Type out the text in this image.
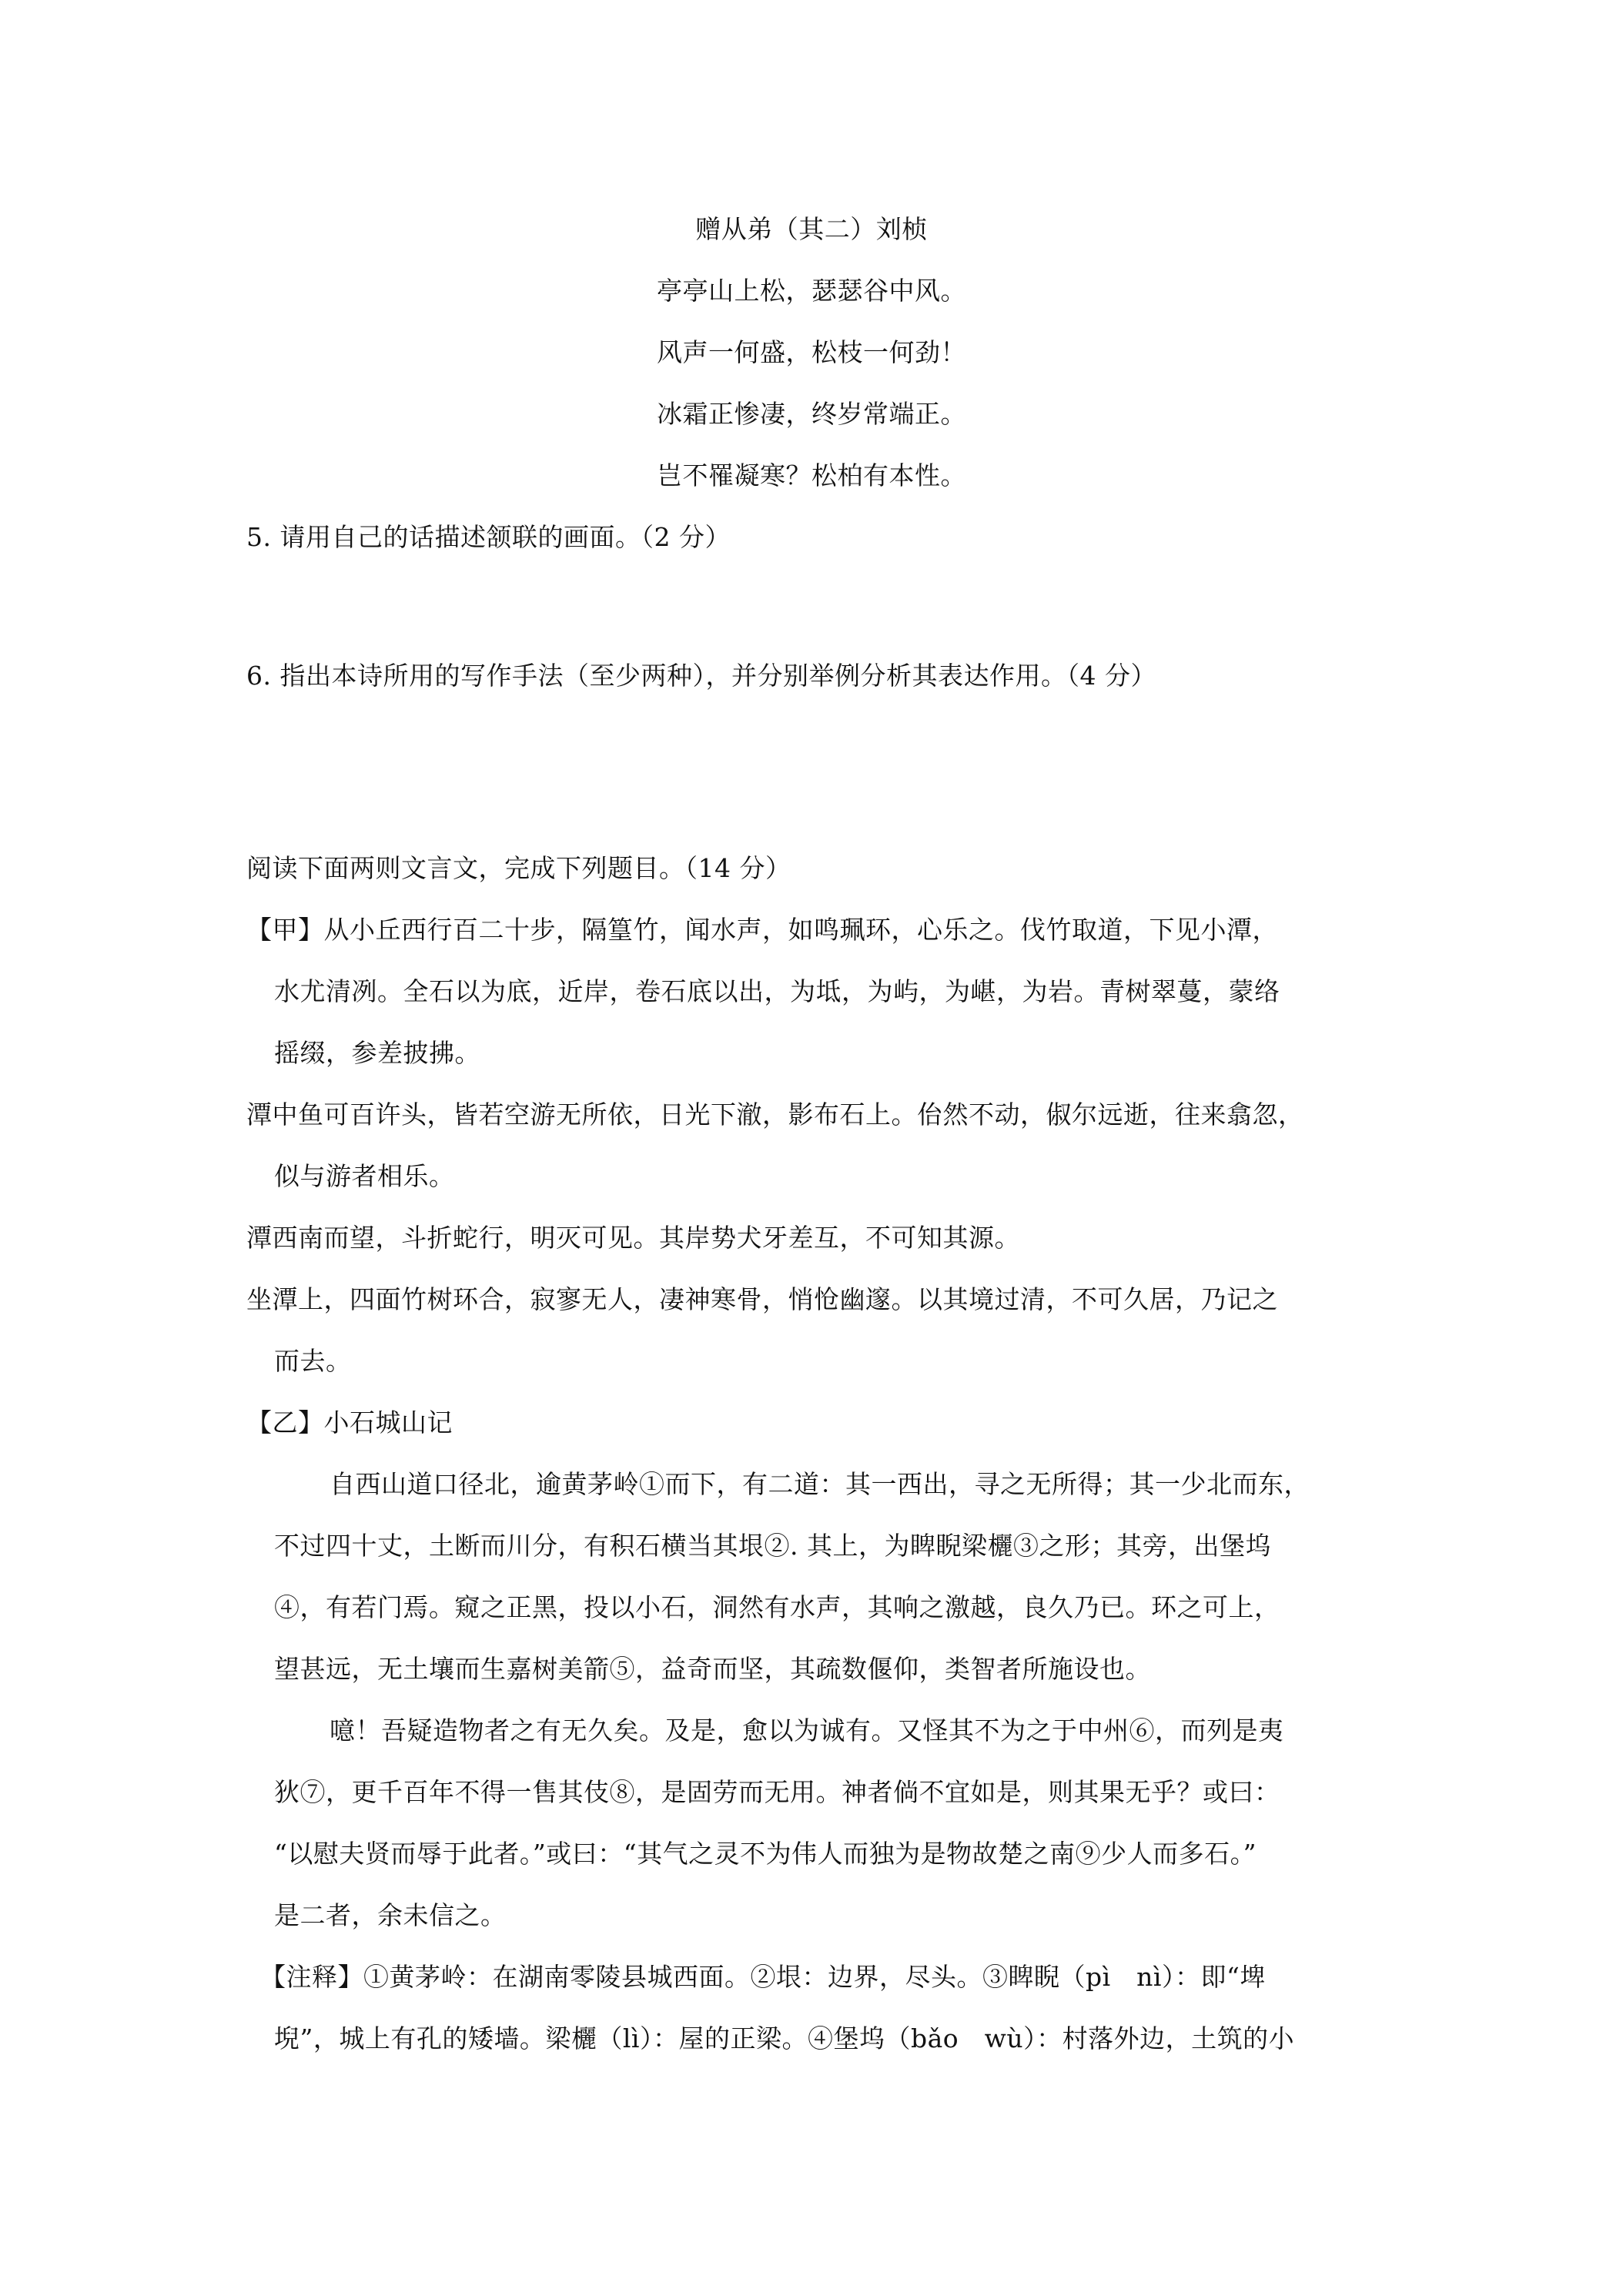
赠从弟（其二）刘桢
亭亭山上松，瑟瑟谷中风。
风声一何盛，松枝一何劲！
冰霜正惨凄，终岁常端正。
岂不罹凝寒？松柏有本性。
5. 请用自己的话描述颔联的画面。（2 分）
6. 指出本诗所用的写作手法（至少两种），并分别举例分析其表达作用。（4 分）
阅读下面两则文言文，完成下列题目。（14 分）
【甲】从小丘西行百二十步，隔篁竹，闻水声，如鸣珮环，心乐之。伐竹取道，下见小潭，
水尤清冽。全石以为底，近岸，卷石底以出，为坻，为屿，为嵁，为岩。青树翠蔓，蒙络
摇缀，参差披拂。
潭中鱼可百许头，皆若空游无所依，日光下澈，影布石上。佁然不动，俶尔远逝，往来翕忽，
似与游者相乐。
潭西南而望，斗折蛇行，明灭可见。其岸势犬牙差互，不可知其源。
坐潭上，四面竹树环合，寂寥无人，凄神寒骨，悄怆幽邃。以其境过清，不可久居，乃记之
而去。
【乙】小石城山记
自西山道口径北，逾黄茅岭①而下，有二道：其一西出，寻之无所得；其一少北而东，
不过四十丈，土断而川分，有积石横当其垠②. 其上，为睥睨梁欐③之形；其旁，出堡坞
④，有若门焉。窥之正黑，投以小石，洞然有水声，其响之激越，良久乃已。环之可上，
望甚远，无土壤而生嘉树美箭⑤，益奇而坚，其疏数偃仰，类智者所施设也。
噫！吾疑造物者之有无久矣。及是，愈以为诚有。又怪其不为之于中州⑥，而列是夷
狄⑦，更千百年不得一售其伎⑧，是固劳而无用。神者倘不宜如是，则其果无乎？或曰：
“以慰夫贤而辱于此者。”或曰：“其气之灵不为伟人而独为是物故楚之南⑨少人而多石。”
是二者，余未信之。
【注释】①黄茅岭：在湖南零陵县城西面。②垠：边界，尽头。③睥睨（pì　nì）：即“埤
堄”，城上有孔的矮墙。梁欐（lì）：屋的正梁。④堡坞（bǎo　wù）：村落外边，土筑的小
